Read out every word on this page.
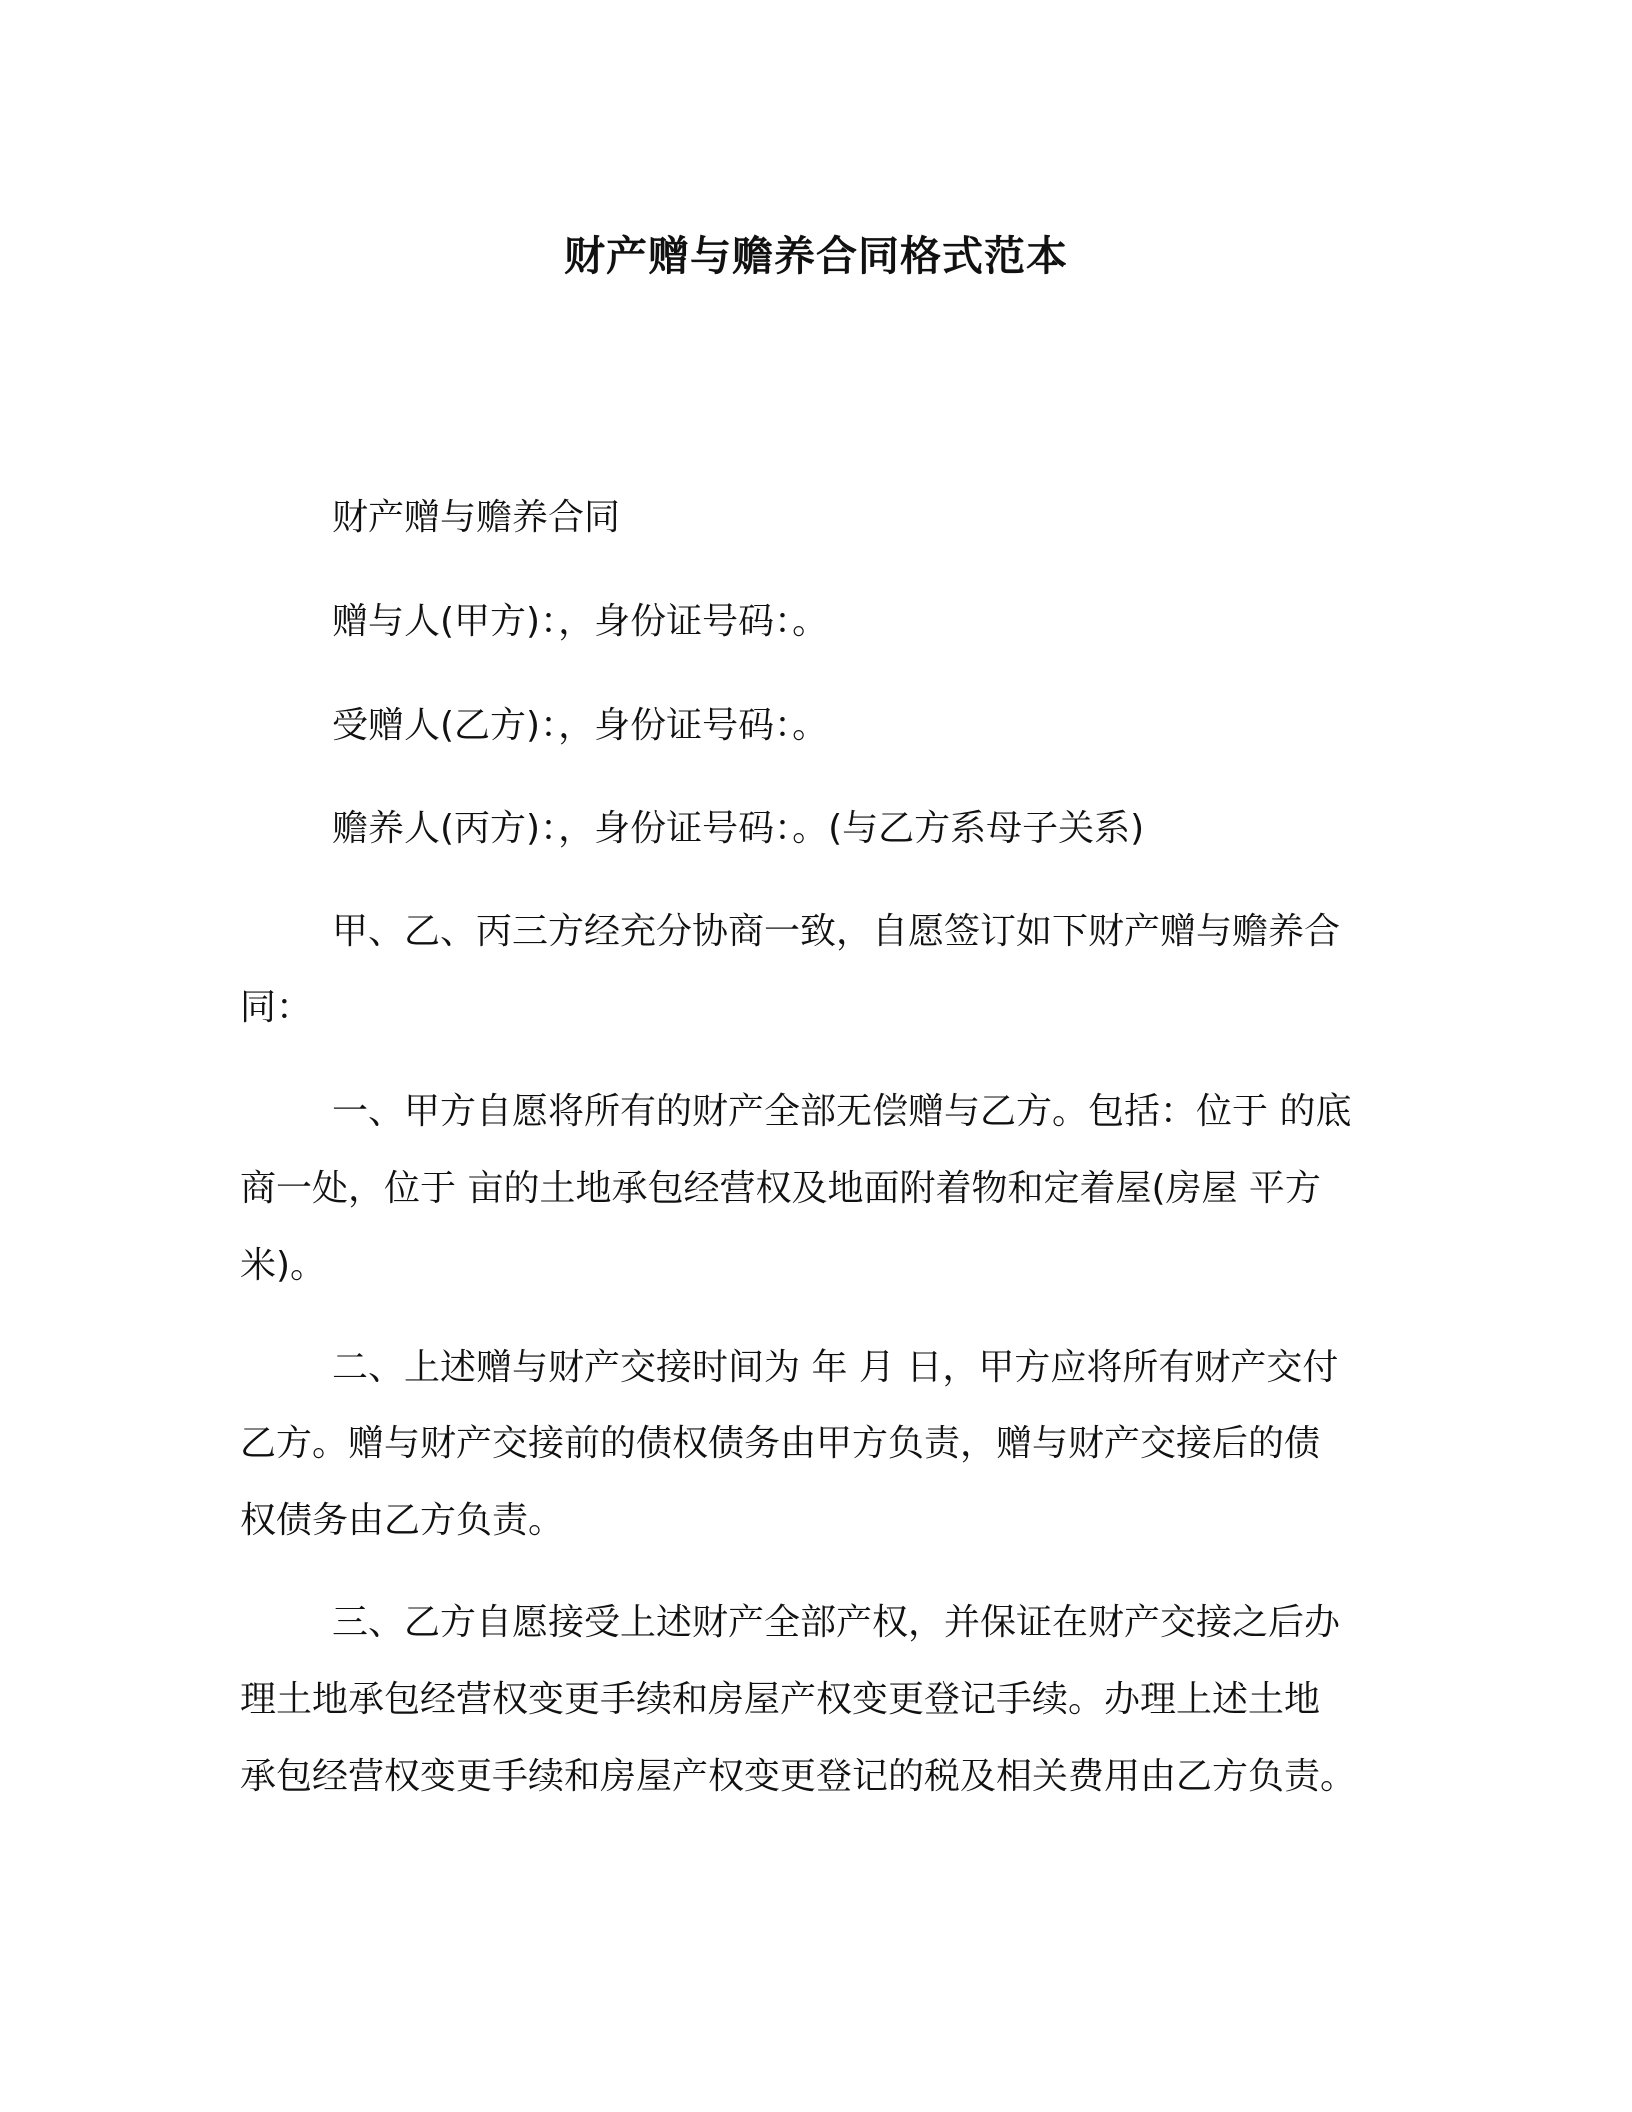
财产赠与赡养合同格式范本
财产赠与赡养合同
赠与人(甲方)：，身份证号码：。
受赠人(乙方)：，身份证号码：。
赡养人(丙方)：，身份证号码：。(与乙方系母子关系)
甲、乙、丙三方经充分协商一致，自愿签订如下财产赠与赡养合
同：
一、甲方自愿将所有的财产全部无偿赠与乙方。包括：位于 的底
商一处，位于 亩的土地承包经营权及地面附着物和定着屋(房屋 平方
米)。
二、上述赠与财产交接时间为 年 月 日，甲方应将所有财产交付
乙方。赠与财产交接前的债权债务由甲方负责，赠与财产交接后的债
权债务由乙方负责。
三、乙方自愿接受上述财产全部产权，并保证在财产交接之后办
理土地承包经营权变更手续和房屋产权变更登记手续。办理上述土地
承包经营权变更手续和房屋产权变更登记的税及相关费用由乙方负责。
